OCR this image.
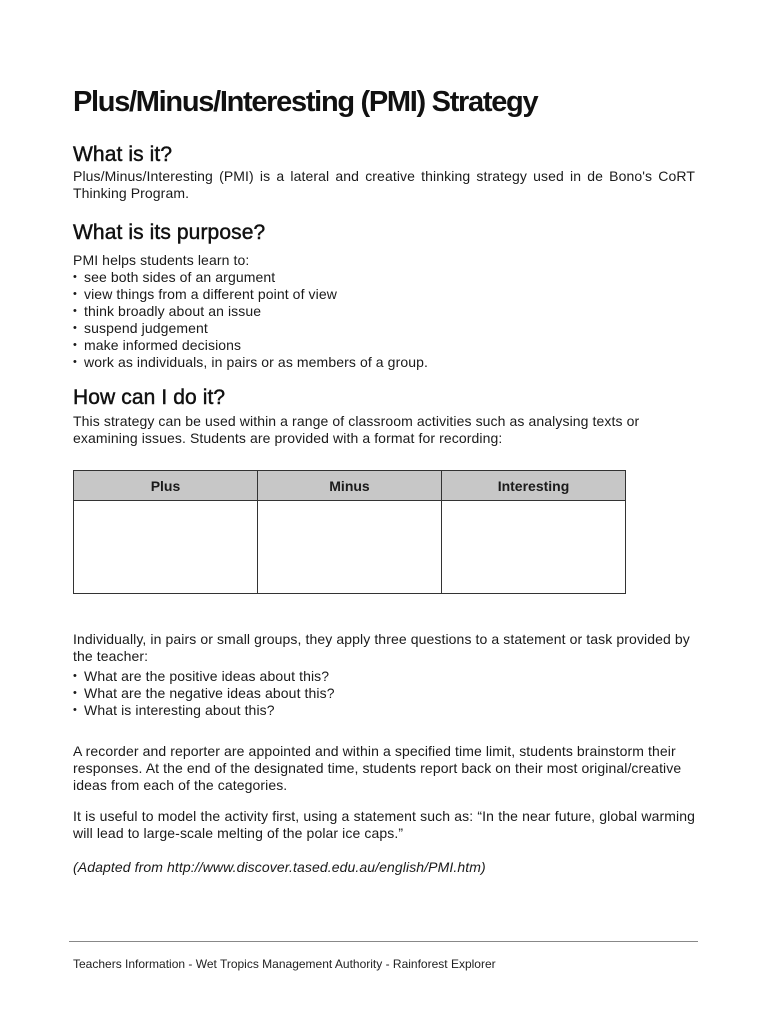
Plus/Minus/Interesting (PMI) Strategy
What is it?

Plus/Minus/Interesting (PMI) is a lateral and creative thinking strategy used in de Bono's CoRT Thinking Program.

What is its purpose?

PMI helps students learn to:

• see both sides of an argument
• view things from a different point of view
• think broadly about an issue
• suspend judgement
• make informed decisions
• work as individuals, in pairs or as members of a group.
How can I do it?

This strategy can be used within a range of classroom activities such as analysing texts or examining issues. Students are provided with a format for recording:

Plus	Minus	Interesting

Individually, in pairs or small groups, they apply three questions to a statement or task provided by the teacher:

• What are the positive ideas about this?
• What are the negative ideas about this?
• What is interesting about this?

A recorder and reporter are appointed and within a specified time limit, students brainstorm their responses. At the end of the designated time, students report back on their most original/creative ideas from each of the categories.

It is useful to model the activity first, using a statement such as: “In the near future, global warming will lead to large-scale melting of the polar ice caps.”

(Adapted from http://www.discover.tased.edu.au/english/PMI.htm)

Teachers Information - Wet Tropics Management Authority - Rainforest Explorer
